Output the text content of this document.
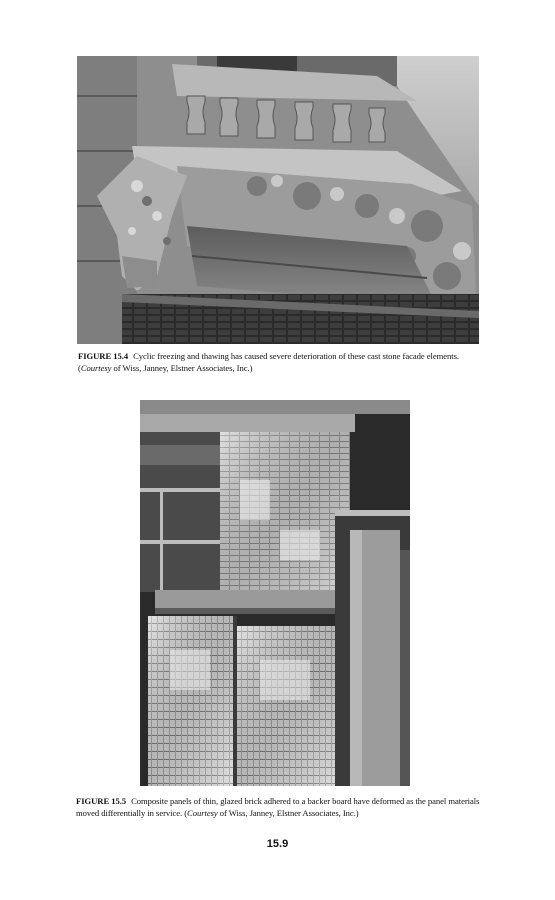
FIGURE 15.4 Cyclic freezing and thawing has caused severe deterioration of these cast stone facade elements. (Courtesy of Wiss, Janney, Elstner Associates, Inc.)
FIGURE 15.5 Composite panels of thin, glazed brick adhered to a backer board have deformed as the panel materials moved differentially in service. (Courtesy of Wiss, Janney, Elstner Associates, Inc.)
15.9
